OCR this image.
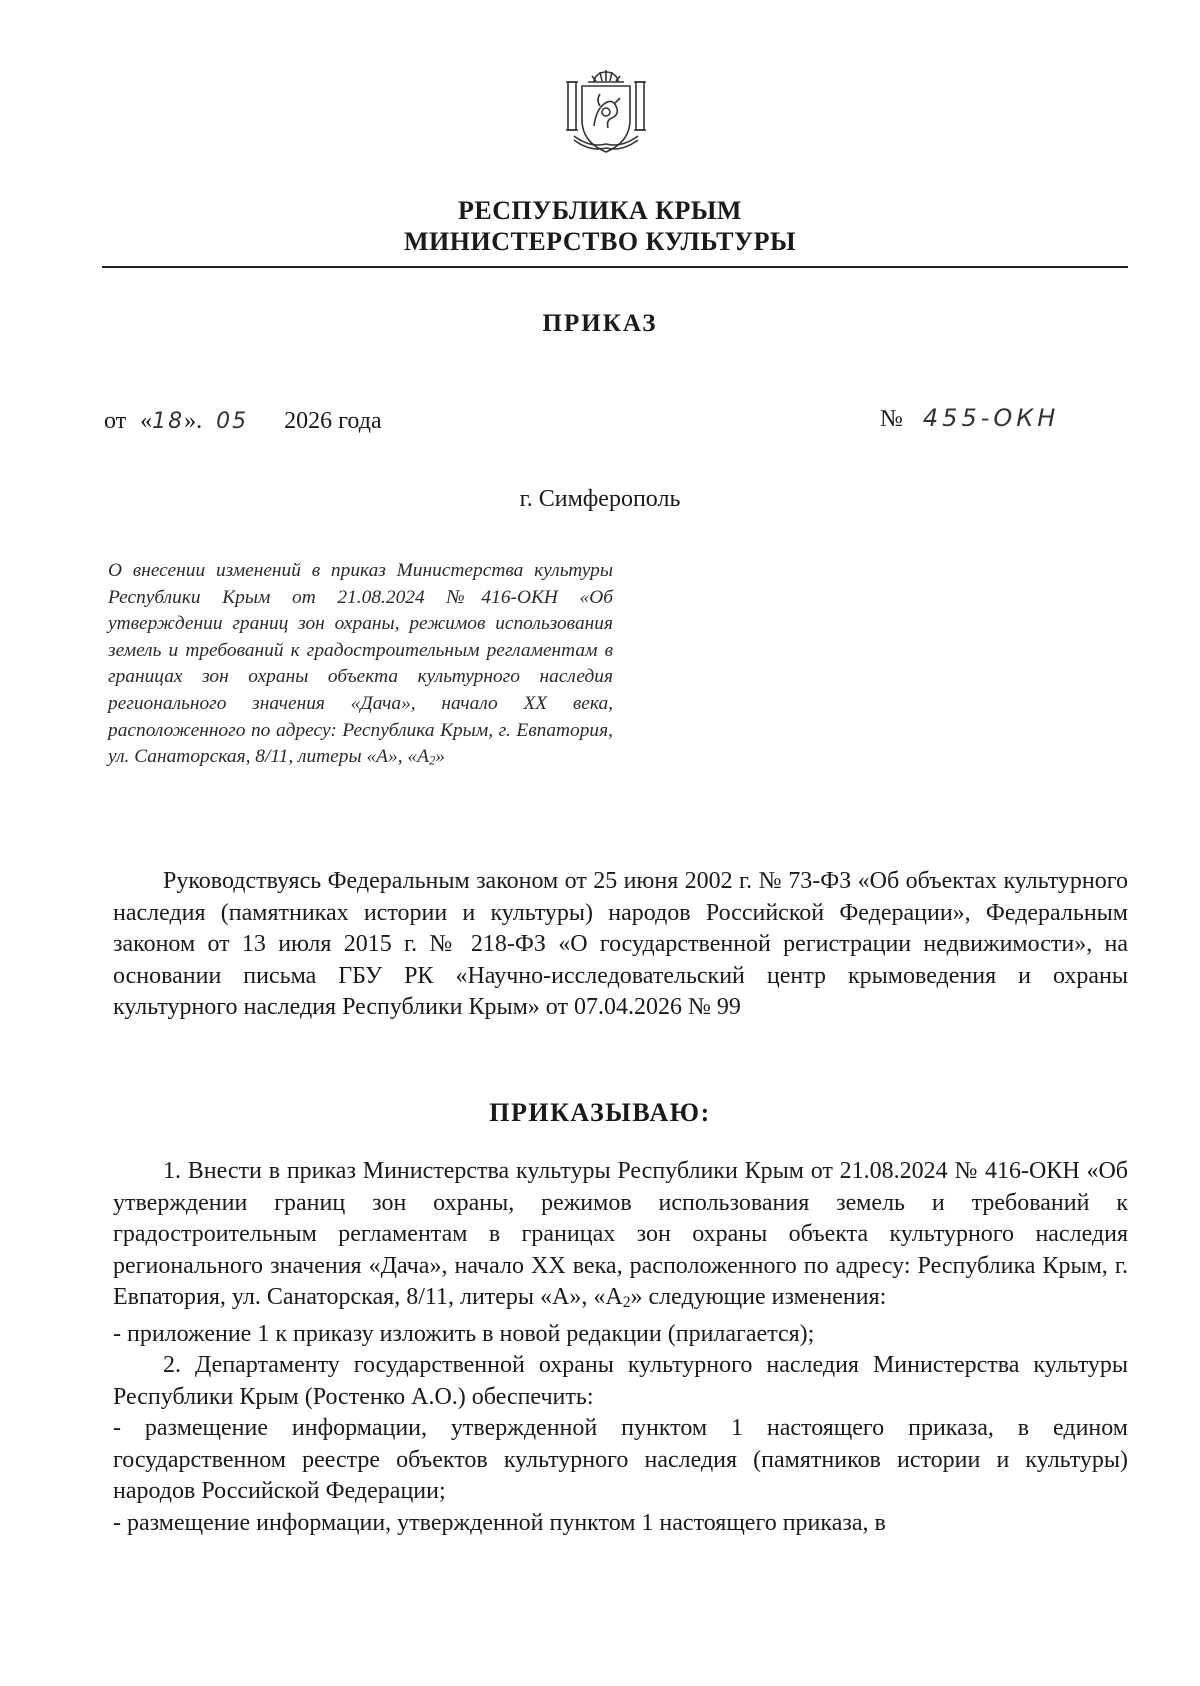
РЕСПУБЛИКА КРЫМ
МИНИСТЕРСТВО КУЛЬТУРЫ
ПРИКАЗ
от «18». 05 2026 года	№ 455-ОКН
г. Симферополь
О внесении изменений в приказ Министерства культуры Республики Крым от 21.08.2024 №416-ОКН «Об утверждении границ зон охраны, режимов использования земель и требований к градостроительным регламентам в границах зон охраны объекта культурного наследия регионального значения «Дача», начало XX века, расположенного по адресу: Республика Крым, г. Евпатория, ул. Санаторская, 8/11, литеры «А», «$А_2$»
Руководствуясь Федеральным законом от 25 июня 2002 г. № 73-ФЗ «Об объектах культурного наследия (памятниках истории и культуры) народов Российской Федерации», Федеральным законом от 13 июля 2015 г. № 218-ФЗ «О государственной регистрации недвижимости», на основании письма ГБУ РК «Научно-исследовательский центр крымоведения и охраны культурного наследия Республики Крым» от 07.04.2026 № 99
ПРИКАЗЫВАЮ:

1. Внести в приказ Министерства культуры Республики Крым от 21.08.2024 № 416-ОКН «Об утверждении границ зон охраны, режимов использования земель и требований к градостроительным регламентам в границах зон охраны объекта культурного наследия регионального значения «Дача», начало XX века, расположенного по адресу: Республика Крым, г. Евпатория, ул. Санаторская, 8/11, литеры «А», «$А_2$» следующие изменения:

- приложение 1 к приказу изложить в новой редакции (прилагается);

2. Департаменту государственной охраны культурного наследия Министерства культуры Республики Крым (Ростенко А.О.) обеспечить:

- размещение информации, утвержденной пунктом 1 настоящего приказа, в едином государственном реестре объектов культурного наследия (памятников истории и культуры) народов Российской Федерации;

- размещение информации, утвержденной пунктом 1 настоящего приказа, в
